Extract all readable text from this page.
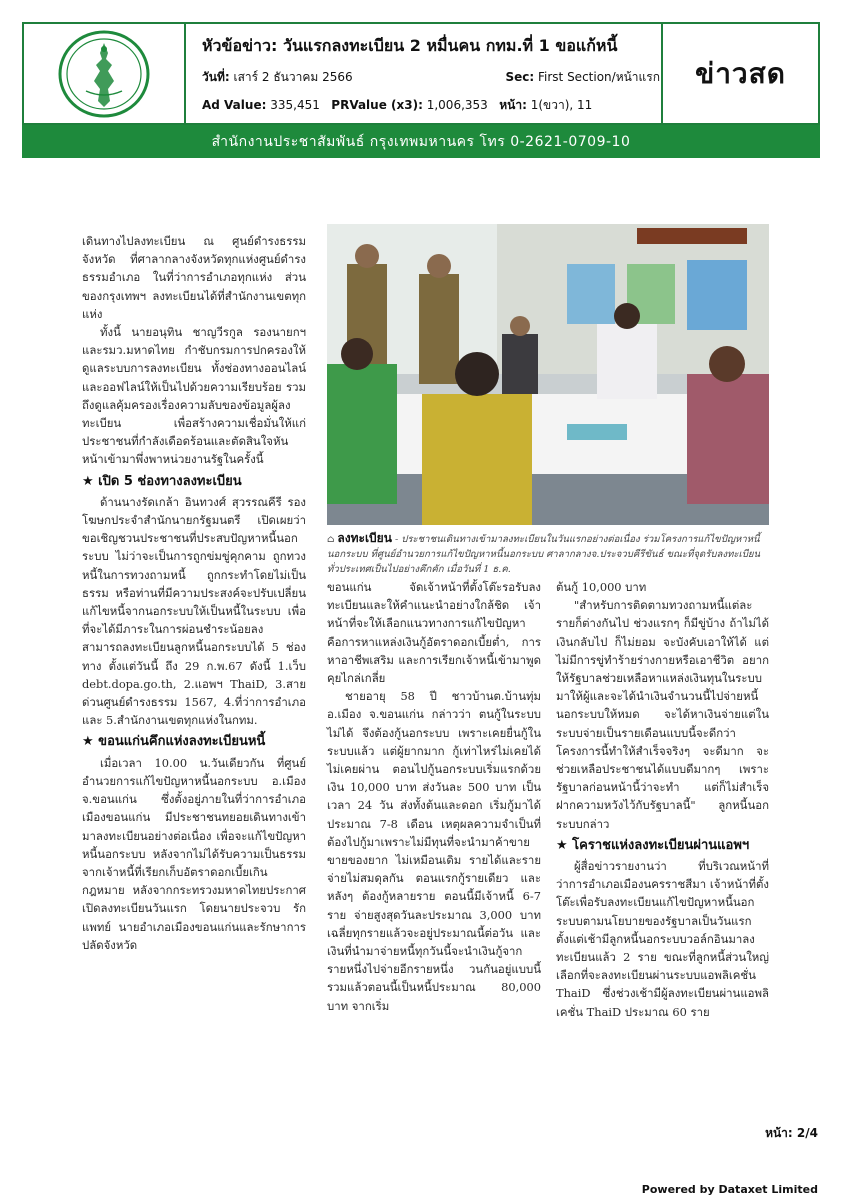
หัวข้อข่าว: วันแรกลงทะเบียน 2 หมื่นคน กทม.ที่ 1 ขอแก้หนี้
วันที่: เสาร์ 2 ธันวาคม 2566	Sec: First Section/หน้าแรก
Ad Value: 335,451 PRValue (x3): 1,006,353 หน้า: 1(ขวา), 11
ข่าวสด
สำนักงานประชาสัมพันธ์ กรุงเทพมหานคร โทร 0-2621-0709-10

เดินทางไปลงทะเบียน ณ ศูนย์ดำรงธรรมจังหวัด ที่ศาลากลางจังหวัดทุกแห่งศูนย์ดำรงธรรมอำเภอ ในที่ว่าการอำเภอทุกแห่ง ส่วนของกรุงเทพฯ ลงทะเบียนได้ที่สำนักงานเขตทุกแห่ง

ทั้งนี้ นายอนุทิน ชาญวีรกูล รองนายกฯ และรมว.มหาดไทย กำชับกรมการปกครองให้ดูแลระบบการลงทะเบียน ทั้งช่องทางออนไลน์ และออฟไลน์ให้เป็นไปด้วยความเรียบร้อย รวมถึงดูแลคุ้มครองเรื่องความลับของข้อมูลผู้ลงทะเบียน เพื่อสร้างความเชื่อมั่นให้แก่ประชาชนที่กำลังเดือดร้อนและตัดสินใจหันหน้าเข้ามาพึ่งพาหน่วยงานรัฐในครั้งนี้

★ เปิด 5 ช่องทางลงทะเบียน

ด้านนางรัดเกล้า อินทวงศ์ สุวรรณคีรี รองโฆษกประจำสำนักนายกรัฐมนตรี เปิดเผยว่าขอเชิญชวนประชาชนที่ประสบปัญหาหนี้นอกระบบ ไม่ว่าจะเป็นการถูกข่มขู่คุกคาม ถูกทวงหนี้ในการทวงถามหนี้ ถูกกระทำโดยไม่เป็นธรรม หรือท่านที่มีความประสงค์จะปรับเปลี่ยนแก้ไขหนี้จากนอกระบบให้เป็นหนี้ในระบบ เพื่อที่จะได้มีภาระในการผ่อนชำระน้อยลง สามารถลงทะเบียนลูกหนี้นอกระบบได้ 5 ช่องทาง ตั้งแต่วันนี้ ถึง 29 ก.พ.67 ดังนี้ 1.เว็บ debt.dopa.go.th, 2.แอพฯ ThaiD, 3.สายด่วนศูนย์ดำรงธรรม 1567, 4.ที่ว่าการอำเภอ และ 5.สำนักงานเขตทุกแห่งในกทม.

★ ขอนแก่นคึกแห่งลงทะเบียนหนี้

เมื่อเวลา 10.00 น.วันเดียวกัน ที่ศูนย์อำนวยการแก้ไขปัญหาหนี้นอกระบบ อ.เมือง จ.ขอนแก่น ซึ่งตั้งอยู่ภายในที่ว่าการอำเภอเมืองขอนแก่น มีประชาชนทยอยเดินทางเข้ามาลงทะเบียนอย่างต่อเนื่อง เพื่อจะแก้ไขปัญหาหนี้นอกระบบ หลังจากไม่ได้รับความเป็นธรรมจากเจ้าหนี้ที่เรียกเก็บอัตราดอกเบี้ยเกินกฎหมาย หลังจากกระทรวงมหาดไทยประกาศเปิดลงทะเบียนวันแรก โดยนายประจวบ รักแพทย์ นายอำเภอเมืองขอนแก่นและรักษาการปลัดจังหวัด

⌂ ลงทะเบียน - ประชาชนเดินทางเข้ามาลงทะเบียนในวันแรกอย่างต่อเนื่อง ร่วมโครงการแก้ไขปัญหาหนี้นอกระบบ ที่ศูนย์อำนวยการแก้ไขปัญหาหนี้นอกระบบ ศาลากลางจ.ประจวบคีรีขันธ์ ขณะที่จุดรับลงทะเบียนทั่วประเทศเป็นไปอย่างคึกคัก เมื่อวันที่ 1 ธ.ค.

ขอนแก่น จัดเจ้าหน้าที่ตั้งโต๊ะรอรับลงทะเบียนและให้คำแนะนำอย่างใกล้ชิด เจ้าหน้าที่จะให้เลือกแนวทางการแก้ไขปัญหา คือการหาแหล่งเงินกู้อัตราดอกเบี้ยต่ำ, การหาอาชีพเสริม และการเรียกเจ้าหนี้เข้ามาพูดคุยไกล่เกลี่ย

ชายอายุ 58 ปี ชาวบ้านต.บ้านทุ่ม อ.เมือง จ.ขอนแก่น กล่าวว่า ตนกู้ในระบบไม่ได้ จึงต้องกู้นอกระบบ เพราะเคยยื่นกู้ในระบบแล้ว แต่ผู้ยากมาก กู้เท่าไหร่ไม่เคยได้ ไม่เคยผ่าน ตอนไปกู้นอกระบบเริ่มแรกด้วยเงิน 10,000 บาท ส่งวันละ 500 บาท เป็นเวลา 24 วัน ส่งทั้งต้นและดอก เริ่มกู้มาได้ประมาณ 7-8 เดือน เหตุผลความจำเป็นที่ต้องไปกู้มาเพราะไม่มีทุนที่จะนำมาค้าขาย ขายของยาก ไม่เหมือนเดิม รายได้และรายจ่ายไม่สมดุลกัน ตอนแรกกู้รายเดียว และหลังๆ ต้องกู้หลายราย ตอนนี้มีเจ้าหนี้ 6-7 ราย จ่ายสูงสุดวันละประมาณ 3,000 บาท เฉลี่ยทุกรายแล้วจะอยู่ประมาณนี้ต่อวัน และเงินที่นำมาจ่ายหนี้ทุกวันนี้จะนำเงินกู้จากรายหนึ่งไปจ่ายอีกรายหนึ่ง วนกันอยู่แบบนี้ รวมแล้วตอนนี้เป็นหนี้ประมาณ 80,000 บาท จากเริ่ม

ต้นกู้ 10,000 บาท

"สำหรับการติดตามทวงถามหนี้แต่ละรายก็ต่างกันไป ช่วงแรกๆ ก็มีขู่บ้าง ถ้าไม่ได้เงินกลับไป ก็ไม่ยอม จะบังคับเอาให้ได้ แต่ไม่มีการขู่ทำร้ายร่างกายหรือเอาชีวิต อยากให้รัฐบาลช่วยเหลือหาแหล่งเงินทุนในระบบมาให้ผู้และจะได้นำเงินจำนวนนี้ไปจ่ายหนี้นอกระบบให้หมด จะได้หาเงินจ่ายแต่ในระบบจ่ายเป็นรายเดือนแบบนี้จะดีกว่า โครงการนี้ทำให้สำเร็จจริงๆ จะดีมาก จะช่วยเหลือประชาชนได้แบบดีมากๆ เพราะรัฐบาลก่อนหน้านี้ว่าจะทำ แต่ก็ไม่สำเร็จ ฝากความหวังไว้กับรัฐบาลนี้" ลูกหนี้นอกระบบกล่าว

★ โคราชแห่งลงทะเบียนผ่านแอพฯ

ผู้สื่อข่าวรายงานว่า ที่บริเวณหน้าที่ว่าการอำเภอเมืองนครราชสีมา เจ้าหน้าที่ตั้งโต๊ะเพื่อรับลงทะเบียนแก้ไขปัญหาหนี้นอกระบบตามนโยบายของรัฐบาลเป็นวันแรก ตั้งแต่เช้ามีลูกหนี้นอกระบบวอล์กอินมาลงทะเบียนแล้ว 2 ราย ขณะที่ลูกหนี้ส่วนใหญ่เลือกที่จะลงทะเบียนผ่านระบบแอพลิเคชั่น ThaiD ซึ่งช่วงเช้ามีผู้ลงทะเบียนผ่านแอพลิเคชั่น ThaiD ประมาณ 60 ราย

หน้า: 2/4
Powered by Dataxet Limited
